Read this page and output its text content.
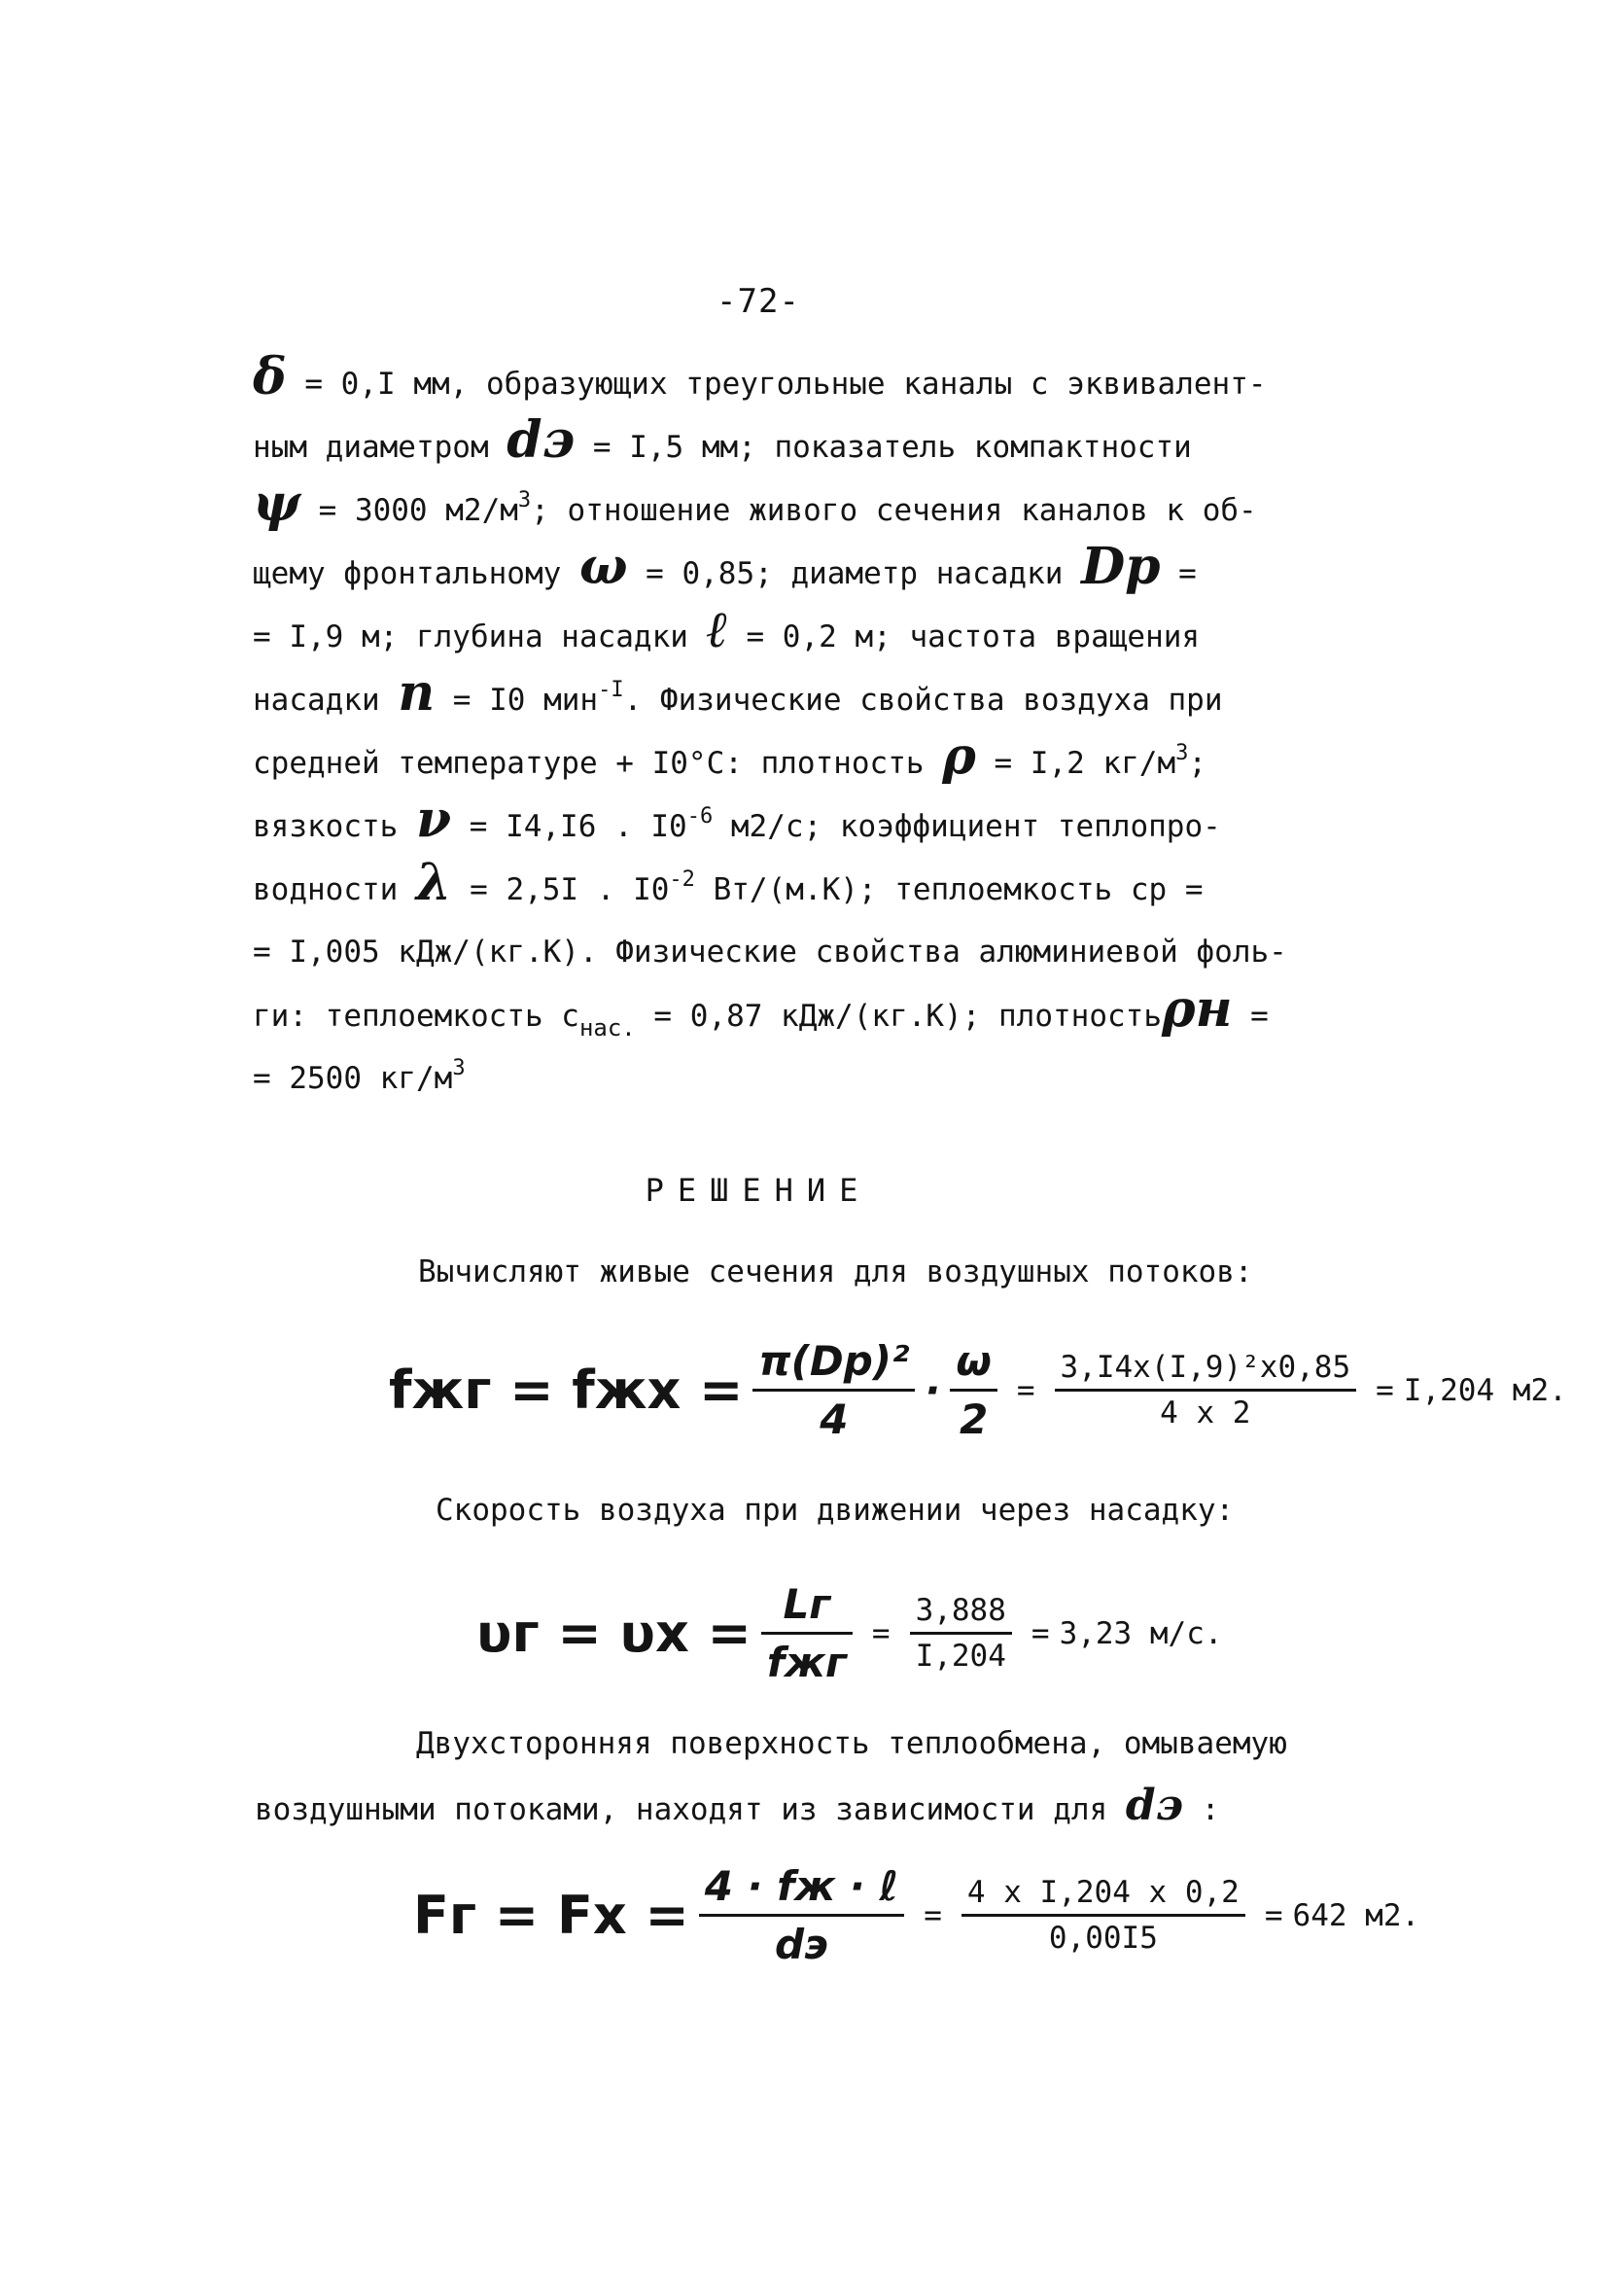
-72-
δ = 0,I мм, образующих треугольные каналы с эквивалент-
ным диаметром dэ = I,5 мм; показатель компактности
ψ = 3000 $м2/м^3$; отношение живого сечения каналов к об-
щему фронтальному ω = 0,85; диаметр насадки Dр =
= I,9 м; глубина насадки ℓ = 0,2 м; частота вращения
насадки n = I0 мин$^{-I}$. Физические свойства воздуха при
средней температуре + I0°С: плотность ρ = I,2 $кг/м^3$;
вязкость ν = I4,I6 . $I0^{-6}$ м2/с; коэффициент теплопро-
водности λ = 2,5I . $I0^{-2}$ Вт/(м.К); теплоемкость ср =
= I,005 кДж/(кг.К). Физические свойства алюминиевой фоль-
ги: теплоемкость $с_{нас.} = 0,87$ кДж/(кг.К); плотностьρн =
= 2500 $кг/м^3$
РЕШЕНИЕ
Вычисляют живые сечения для воздушных потоков:
fжг = fжх = $\frac{\text{π(Dр)²}}{4} \cdot \frac{\omega}{2} = \frac{\text{3,I4x(I,9)²x0,85}}{4 x 2} = I,204$ м2.
Скорость воздуха при движении через насадку:
$\upsilon г = \upsilon х = \frac{Lг}{\text{fжг}} = \frac{3,888}{I,204} = 3,23$ м/с.
Двухсторонняя поверхность теплообмена, омываемую
воздушными потоками, находят из зависимости для dэ :
Fг = Fх = $\frac{\text{4 · fж · ℓ}}{dэ} = \frac{\text{4 x I,204 x 0,2}}{0,00I5} = 642$ м2.
